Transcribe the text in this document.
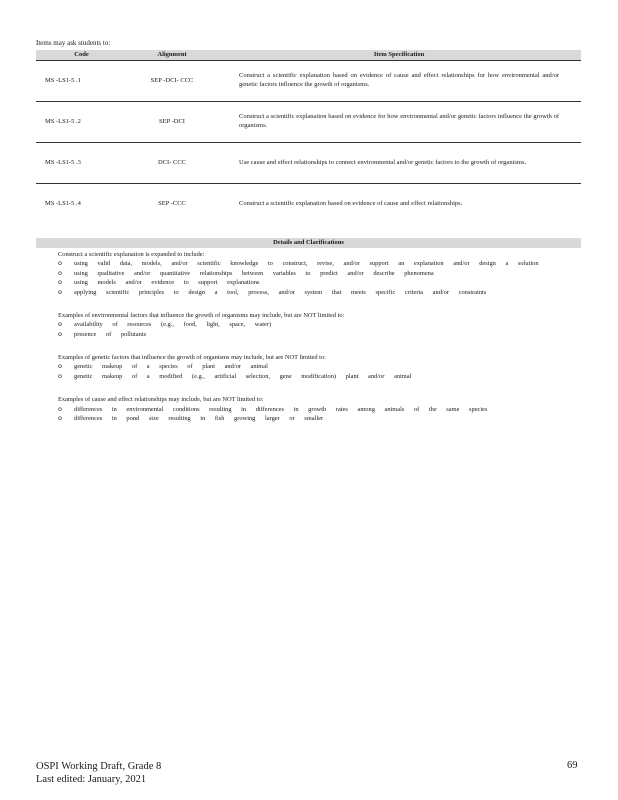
Items may ask students to:
Code	Alignment	Item Specification
MS -LS1-5 .1	SEP -DCI- CCC	Construct a scientific explanation based on evidence of cause and effect relationships for how environmental and/or genetic factors influence the growth of organisms.
MS -LS1-5 .2	SEP -DCI	Construct a scientific explanation based on evidence for how environmental and/or genetic factors influence the growth of organisms.
MS -LS1-5 .3	DCI- CCC	Use cause and effect relationships to connect environmental and/or genetic factors to the growth of organisms.
MS -LS1-5 .4	SEP -CCC	Construct a scientific explanation based on evidence of cause and effect relationships.
Details and Clarifications
Construct a scientific explanation is expanded to include:
o	using valid data, models, and/or scientific knowledge to construct, revise, and/or support an explanation and/or design a solution
o	using qualitative and/or quantitative relationships between variables to predict and/or describe phenomena
o	using models and/or evidence to support explanations
o	applying scientific principles to design a tool, process, and/or system that meets specific criteria and/or constraints
Examples of environmental factors that influence the growth of organisms may include, but are NOT limited to:
o	availability of resources (e.g., food, light, space, water)
o	presence of pollutants
Examples of genetic factors that influence the growth of organisms may include, but are NOT limited to:
o	genetic makeup of a species of plant and/or animal
o	genetic makeup of a modified (e.g., artificial selection, gene modification) plant and/or animal
Examples of cause and effect relationships may include, but are NOT limited to:
o	differences in environmental conditions resulting in differences in growth rates among animals of the same species
o	differences in pond size resulting in fish growing larger or smaller
OSPI Working Draft, Grade 8
Last edited: January, 2021
69
